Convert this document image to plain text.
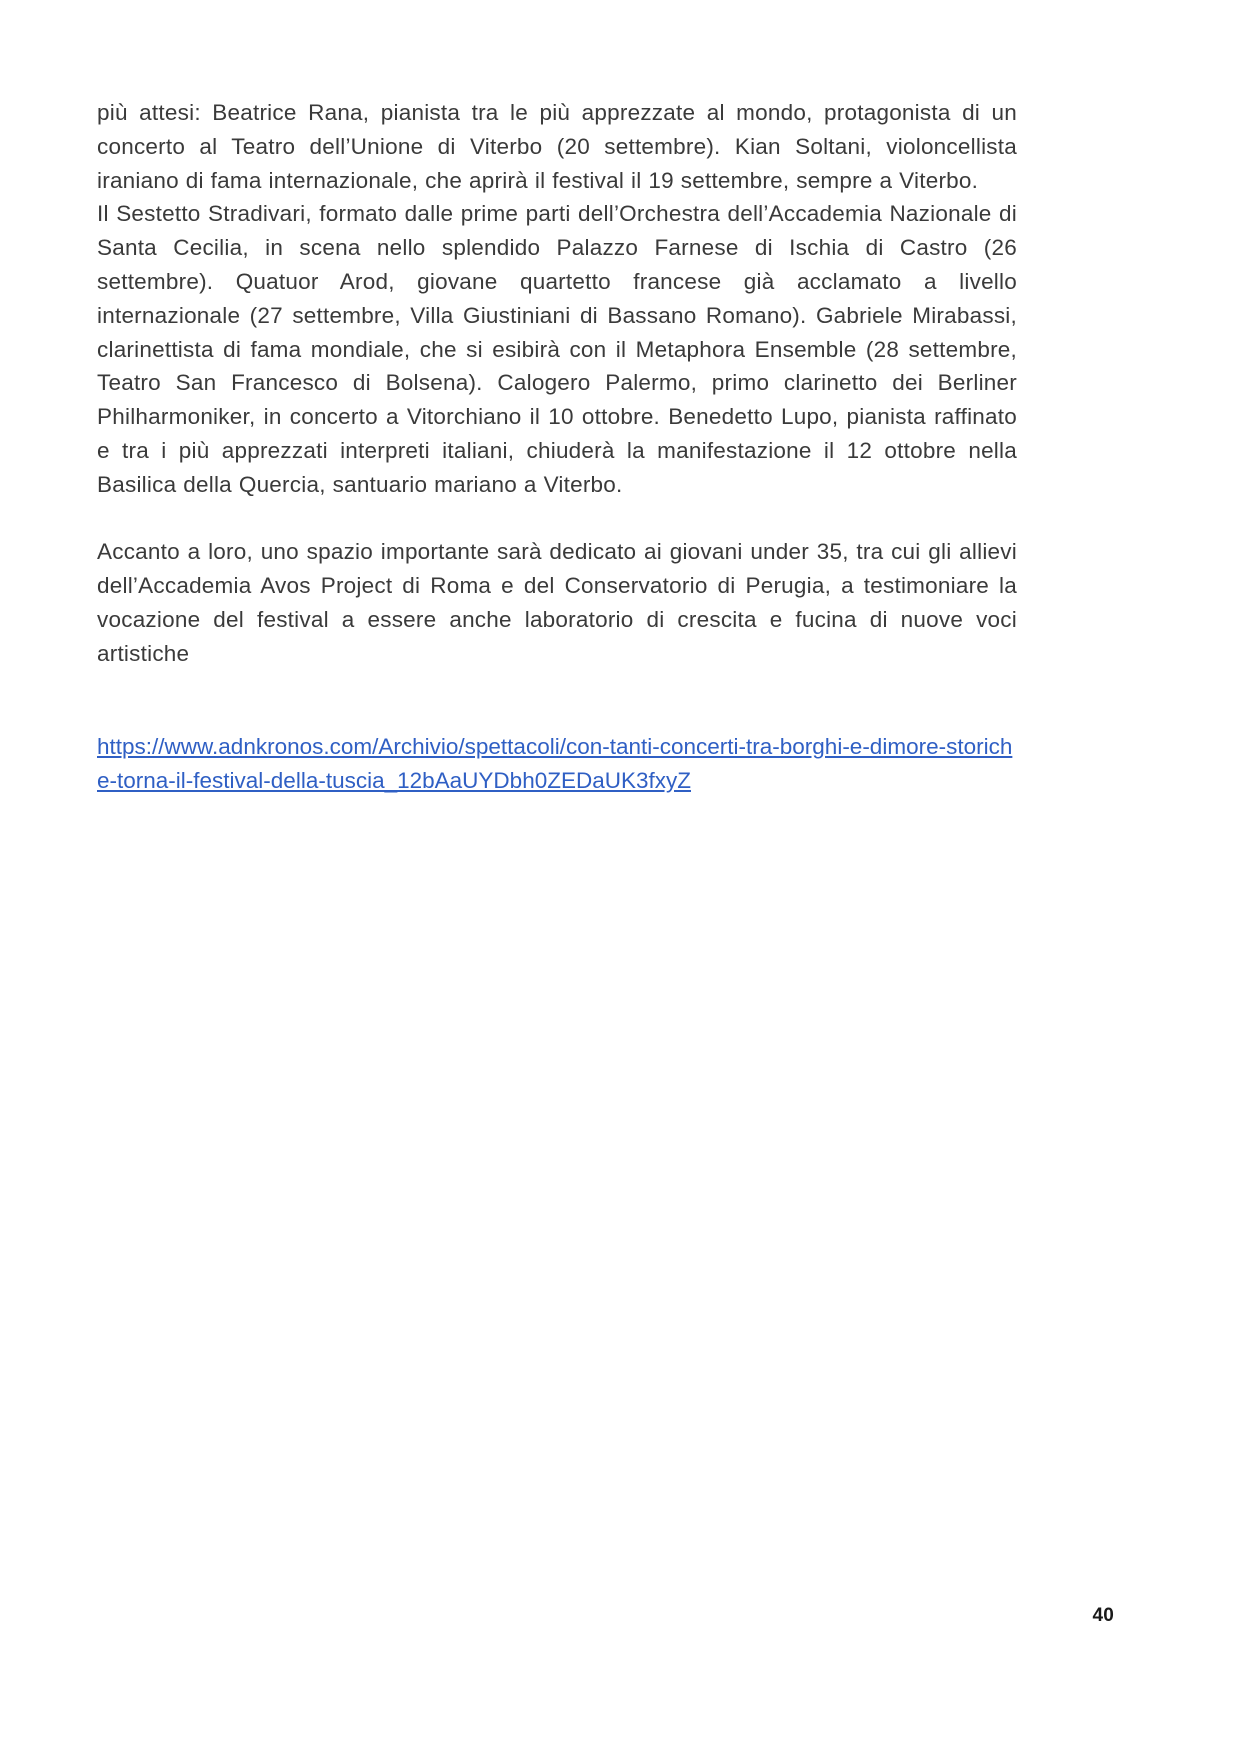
più attesi: Beatrice Rana, pianista tra le più apprezzate al mondo, protagonista di un concerto al Teatro dell’Unione di Viterbo (20 settembre). Kian Soltani, violoncellista iraniano di fama internazionale, che aprirà il festival il 19 settembre, sempre a Viterbo.

Il Sestetto Stradivari, formato dalle prime parti dell’Orchestra dell’Accademia Nazionale di Santa Cecilia, in scena nello splendido Palazzo Farnese di Ischia di Castro (26 settembre). Quatuor Arod, giovane quartetto francese già acclamato a livello internazionale (27 settembre, Villa Giustiniani di Bassano Romano). Gabriele Mirabassi, clarinettista di fama mondiale, che si esibirà con il Metaphora Ensemble (28 settembre, Teatro San Francesco di Bolsena). Calogero Palermo, primo clarinetto dei Berliner Philharmoniker, in concerto a Vitorchiano il 10 ottobre. Benedetto Lupo, pianista raffinato e tra i più apprezzati interpreti italiani, chiuderà la manifestazione il 12 ottobre nella Basilica della Quercia, santuario mariano a Viterbo.

Accanto a loro, uno spazio importante sarà dedicato ai giovani under 35, tra cui gli allievi dell’Accademia Avos Project di Roma e del Conservatorio di Perugia, a testimoniare la vocazione del festival a essere anche laboratorio di crescita e fucina di nuove voci artistiche

https://www.adnkronos.com/Archivio/spettacoli/con-tanti-concerti-tra-borghi-e-dimore-storiche-torna-il-festival-della-tuscia_12bAaUYDbh0ZEDaUK3fxyZ
40
